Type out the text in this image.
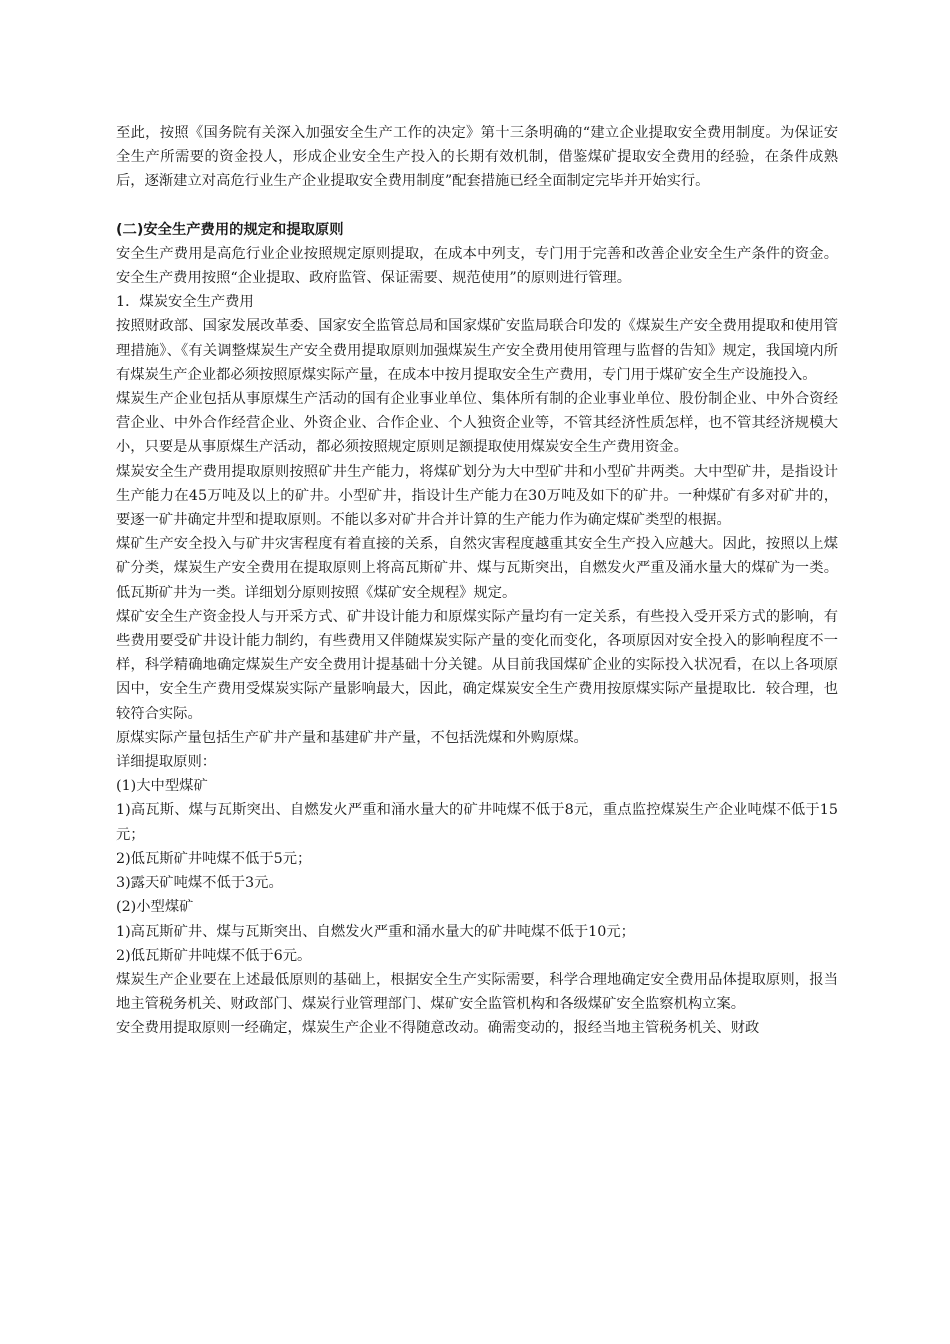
至此，按照《国务院有关深入加强安全生产工作的决定》第十三条明确的“建立企业提取安全费用制度。为保证安全生产所需要的资金投人，形成企业安全生产投入的长期有效机制，借鉴煤矿提取安全费用的经验，在条件成熟后，逐渐建立对高危行业生产企业提取安全费用制度”配套措施已经全面制定完毕并开始实行。

(二)安全生产费用的规定和提取原则

安全生产费用是高危行业企业按照规定原则提取，在成本中列支，专门用于完善和改善企业安全生产条件的资金。安全生产费用按照“企业提取、政府监管、保证需要、规范使用”的原则进行管理。

1．煤炭安全生产费用

按照财政部、国家发展改革委、国家安全监管总局和国家煤矿安监局联合印发的《煤炭生产安全费用提取和使用管理措施》、《有关调整煤炭生产安全费用提取原则加强煤炭生产安全费用使用管理与监督的告知》规定，我国境内所有煤炭生产企业都必须按照原煤实际产量，在成本中按月提取安全生产费用，专门用于煤矿安全生产设施投入。

煤炭生产企业包括从事原煤生产活动的国有企业事业单位、集体所有制的企业事业单位、股份制企业、中外合资经营企业、中外合作经营企业、外资企业、合作企业、个人独资企业等，不管其经济性质怎样，也不管其经济规模大小，只要是从事原煤生产活动，都必须按照规定原则足额提取使用煤炭安全生产费用资金。

煤炭安全生产费用提取原则按照矿井生产能力，将煤矿划分为大中型矿井和小型矿井两类。大中型矿井，是指设计生产能力在45万吨及以上的矿井。小型矿井，指设计生产能力在30万吨及如下的矿井。一种煤矿有多对矿井的，要逐一矿井确定井型和提取原则。不能以多对矿井合并计算的生产能力作为确定煤矿类型的根据。

煤矿生产安全投入与矿井灾害程度有着直接的关系，自然灾害程度越重其安全生产投入应越大。因此，按照以上煤矿分类，煤炭生产安全费用在提取原则上将高瓦斯矿井、煤与瓦斯突出，自燃发火严重及涌水量大的煤矿为一类。低瓦斯矿井为一类。详细划分原则按照《煤矿安全规程》规定。

煤矿安全生产资金投人与开采方式、矿井设计能力和原煤实际产量均有一定关系，有些投入受开采方式的影响，有些费用要受矿井设计能力制约，有些费用又伴随煤炭实际产量的变化而变化，各项原因对安全投入的影响程度不一样，科学精确地确定煤炭生产安全费用计提基础十分关键。从目前我国煤矿企业的实际投入状况看，在以上各项原因中，安全生产费用受煤炭实际产量影响最大，因此，确定煤炭安全生产费用按原煤实际产量提取比．较合理，也较符合实际。

原煤实际产量包括生产矿井产量和基建矿井产量，不包括洗煤和外购原煤。

详细提取原则：

(1)大中型煤矿

1)高瓦斯、煤与瓦斯突出、自燃发火严重和涌水量大的矿井吨煤不低于8元，重点监控煤炭生产企业吨煤不低于15元；

2)低瓦斯矿井吨煤不低于5元；

3)露天矿吨煤不低于3元。

(2)小型煤矿

1)高瓦斯矿井、煤与瓦斯突出、自燃发火严重和涌水量大的矿井吨煤不低于10元；

2)低瓦斯矿井吨煤不低于6元。

煤炭生产企业要在上述最低原则的基础上，根据安全生产实际需要，科学合理地确定安全费用品体提取原则，报当地主管税务机关、财政部门、煤炭行业管理部门、煤矿安全监管机构和各级煤矿安全监察机构立案。

安全费用提取原则一经确定，煤炭生产企业不得随意改动。确需变动的，报经当地主管税务机关、财政
